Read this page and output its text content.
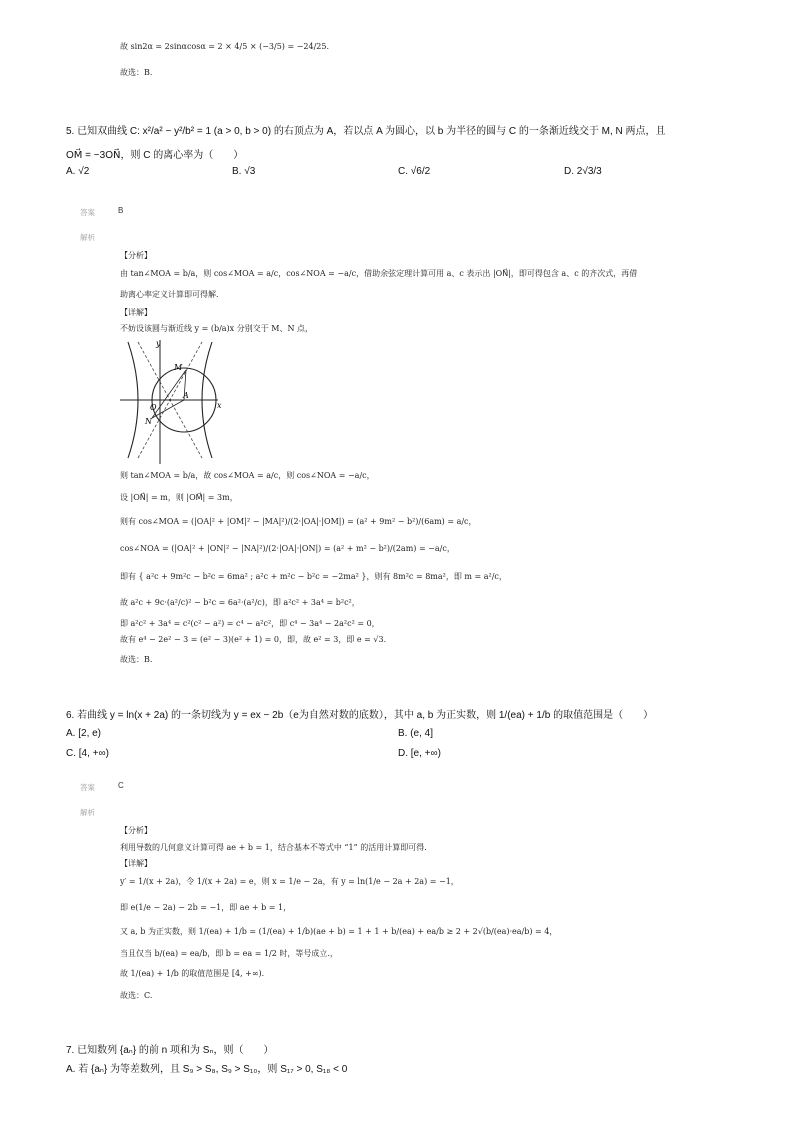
故 sin2α = 2sinαcosα = 2 × 4/5 × (−3/5) = −24/25.
故选：B.
5. 已知双曲线 C: x²/a² − y²/b² = 1 (a > 0, b > 0) 的右顶点为 A，若以点 A 为圆心，以 b 为半径的圆与 C 的一条渐近线交于 M, N 两点，且
OM⃗ = −3ON⃗，则 C 的离心率为（　　）
A. √2	B. √3	C. √6/2	D. 2√3/3
答案	B
解析
【分析】
由 tan∠MOA = b/a，则 cos∠MOA = a/c，cos∠NOA = −a/c，借助余弦定理计算可用 a、c 表示出 |ON⃗|，即可得包含 a、c 的齐次式，再借
助离心率定义计算即可得解.
【详解】
不妨设该圆与渐近线 y = (b/a)x 分别交于 M、N 点，
y
x
M
A
O
N
则 tan∠MOA = b/a，故 cos∠MOA = a/c，则 cos∠NOA = −a/c，
设 |ON⃗| = m，则 |OM⃗| = 3m，
则有 cos∠MOA = (|OA|² + |OM|² − |MA|²)/(2·|OA|·|OM|) = (a² + 9m² − b²)/(6am) = a/c，
cos∠NOA = (|OA|² + |ON|² − |NA|²)/(2·|OA|·|ON|) = (a² + m² − b²)/(2am) = −a/c，
即有 { a²c + 9m²c − b²c = 6ma² ; a²c + m²c − b²c = −2ma² }，则有 8m²c = 8ma²，即 m = a²/c，
故 a²c + 9c·(a²/c)² − b²c = 6a²·(a²/c)，即 a²c² + 3a⁴ = b²c²，
即 a²c² + 3a⁴ = c²(c² − a²) = c⁴ − a²c²，即 c⁴ − 3a⁴ − 2a²c² = 0，
故有 e⁴ − 2e² − 3 = (e² − 3)(e² + 1) = 0，即，故 e² = 3，即 e = √3.
故选：B.
6. 若曲线 y = ln(x + 2a) 的一条切线为 y = ex − 2b（e为自然对数的底数），其中 a, b 为正实数，则 1/(ea) + 1/b 的取值范围是（　　）
A. [2, e)	B. (e, 4]
C. [4, +∞)	D. [e, +∞)
答案	C
解析
【分析】
利用导数的几何意义计算可得 ae + b = 1，结合基本不等式中 “1” 的活用计算即可得.
【详解】
y′ = 1/(x + 2a)，令 1/(x + 2a) = e，则 x = 1/e − 2a，有 y = ln(1/e − 2a + 2a) = −1，
即 e(1/e − 2a) − 2b = −1，即 ae + b = 1，
又 a, b 为正实数，则 1/(ea) + 1/b = (1/(ea) + 1/b)(ae + b) = 1 + 1 + b/(ea) + ea/b ≥ 2 + 2√(b/(ea)·ea/b) = 4，
当且仅当 b/(ea) = ea/b，即 b = ea = 1/2 时，等号成立.，
故 1/(ea) + 1/b 的取值范围是 [4, +∞).
故选：C.
7. 已知数列 {aₙ} 的前 n 项和为 Sₙ，则（　　）
A. 若 {aₙ} 为等差数列，且 S₉ > S₈, S₉ > S₁₀，则 S₁₇ > 0, S₁₈ < 0
